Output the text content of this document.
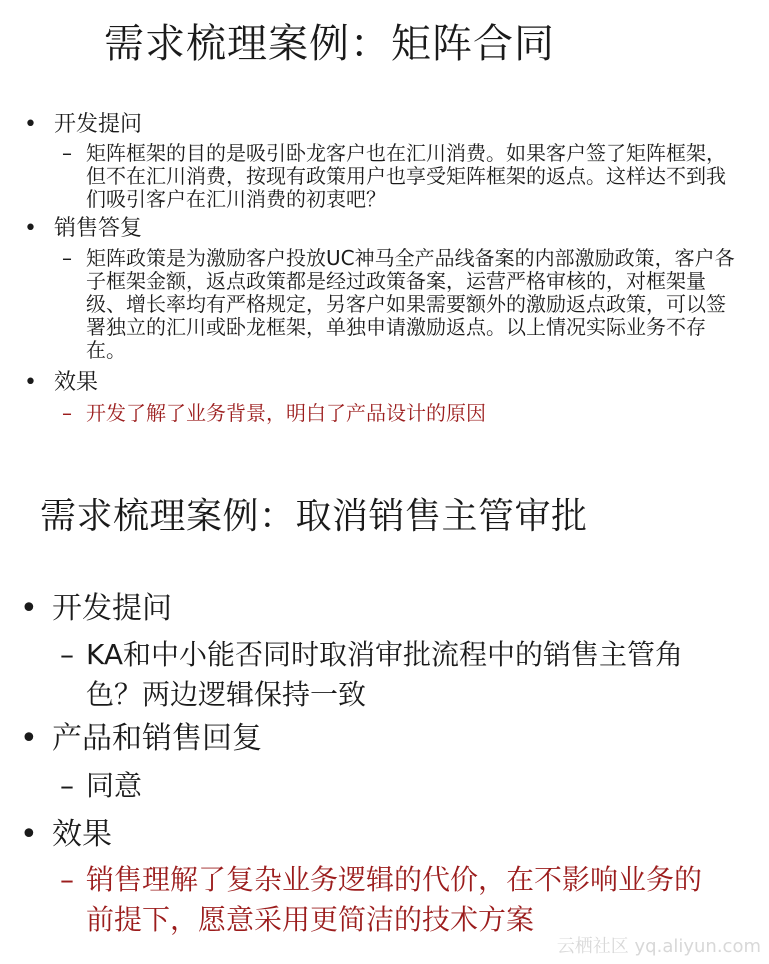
需求梳理案例：矩阵合同
• 开发提问
– 矩阵框架的目的是吸引卧龙客户也在汇川消费。如果客户签了矩阵框架，但不在汇川消费，按现有政策用户也享受矩阵框架的返点。这样达不到我们吸引客户在汇川消费的初衷吧？
• 销售答复
– 矩阵政策是为激励客户投放UC神马全产品线备案的内部激励政策，客户各子框架金额，返点政策都是经过政策备案，运营严格审核的，对框架量级、增长率均有严格规定，另客户如果需要额外的激励返点政策，可以签署独立的汇川或卧龙框架，单独申请激励返点。以上情况实际业务不存在。
• 效果
– 开发了解了业务背景，明白了产品设计的原因
需求梳理案例：取消销售主管审批
• 开发提问
– KA和中小能否同时取消审批流程中的销售主管角色？两边逻辑保持一致
• 产品和销售回复
– 同意
• 效果
– 销售理解了复杂业务逻辑的代价，在不影响业务的前提下，愿意采用更简洁的技术方案
云栖社区 yq.aliyun.com
